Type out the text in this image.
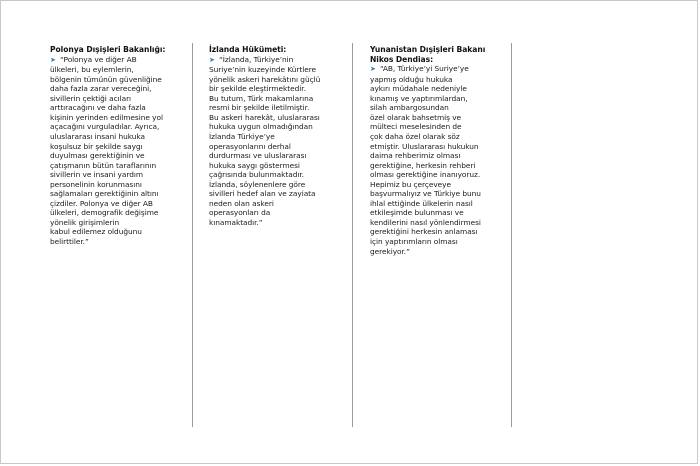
Polonya Dışişleri Bakanlığı:
➤ “Polonya ve diğer AB
ülkeleri, bu eylemlerin,
bölgenin tümünün güvenliğine
daha fazla zarar vereceğini,
sivillerin çektiği acıları
arttıracağını ve daha fazla
kişinin yerinden edilmesine yol
açacağını vurguladılar. Ayrıca,
uluslararası insani hukuka
koşulsuz bir şekilde saygı
duyulması gerektiğinin ve
çatışmanın bütün taraflarının
sivillerin ve insani yardım
personelinin korunmasını
sağlamaları gerektiğinin altını
çizdiler. Polonya ve diğer AB
ülkeleri, demografik değişime
yönelik girişimlerin
kabul edilemez olduğunu
belirttiler.”
İzlanda Hükümeti:
➤ “İzlanda, Türkiye’nin
Suriye’nin kuzeyinde Kürtlere
yönelik askeri harekâtını güçlü
bir şekilde eleştirmektedir.
Bu tutum, Türk makamlarına
resmi bir şekilde iletilmiştir.
Bu askeri harekât, uluslararası
hukuka uygun olmadığından
İzlanda Türkiye’ye
operasyonlarını derhal
durdurması ve uluslararası
hukuka saygı göstermesi
çağrısında bulunmaktadır.
İzlanda, söylenenlere göre
sivilleri hedef alan ve zayiata
neden olan askeri
operasyonları da
kınamaktadır.”
Yunanistan Dışişleri Bakanı
Nikos Dendias:
➤ “AB, Türkiye’yi Suriye’ye
yapmış olduğu hukuka
aykırı müdahale nedeniyle
kınamış ve yaptırımlardan,
silah ambargosundan
özel olarak bahsetmiş ve
mülteci meselesinden de
çok daha özel olarak söz
etmiştir. Uluslararası hukukun
daima rehberimiz olması
gerektiğine, herkesin rehberi
olması gerektiğine inanıyoruz.
Hepimiz bu çerçeveye
başvurmalıyız ve Türkiye bunu
ihlal ettiğinde ülkelerin nasıl
etkileşimde bulunması ve
kendilerini nasıl yönlendirmesi
gerektiğini herkesin anlaması
için yaptırımların olması
gerekiyor.”
